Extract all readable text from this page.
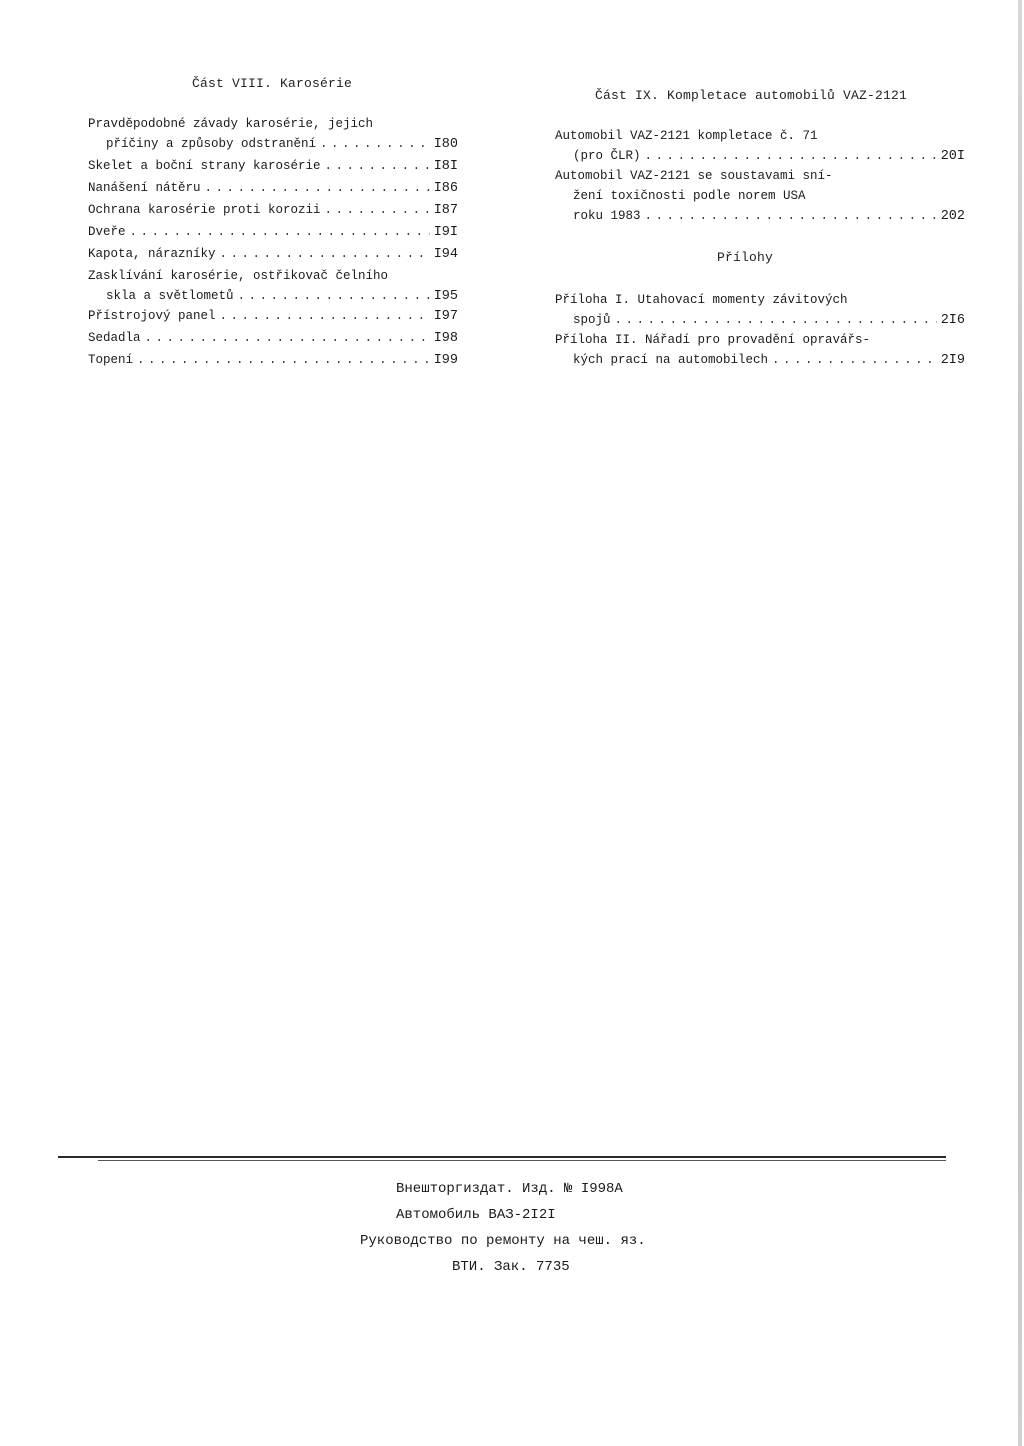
Část VIII. Karosérie
Pravděpodobné závady karosérie, jejich
příčiny a způsoby odstranění . . .	I80
Skelet a boční strany karosérie . . .	I8I
Nanášení nátěru . . .	I86
Ochrana karosérie proti korozii . . .	I87
Dveře . . .	I9I
Kapota, nárazníky . . .	I94
Zasklívání karosérie, ostřikovač čelního
skla a světlometů . . .	I95
Přístrojový panel . . .	I97
Sedadla . . .	I98
Topení . . .	I99
Část IX. Kompletace automobilů VAZ-2121
Automobil VAZ-2121 kompletace č. 71
(pro ČLR) . . .	20I
Automobil VAZ-2121 se soustavami sní-
žení toxičnosti podle norem USA
roku 1983 . . .	202
Přílohy
Příloha I. Utahovací momenty závitových
spojů . . .	2I6
Příloha II. Nářadí pro provadění opravářs-
kých prací na automobilech . . .	2I9
Внешторгиздат. Изд. № I998А
Автомобиль ВАЗ-2I2I
Руководство по ремонту на чеш. яз.
ВТИ. Зак. 7735
